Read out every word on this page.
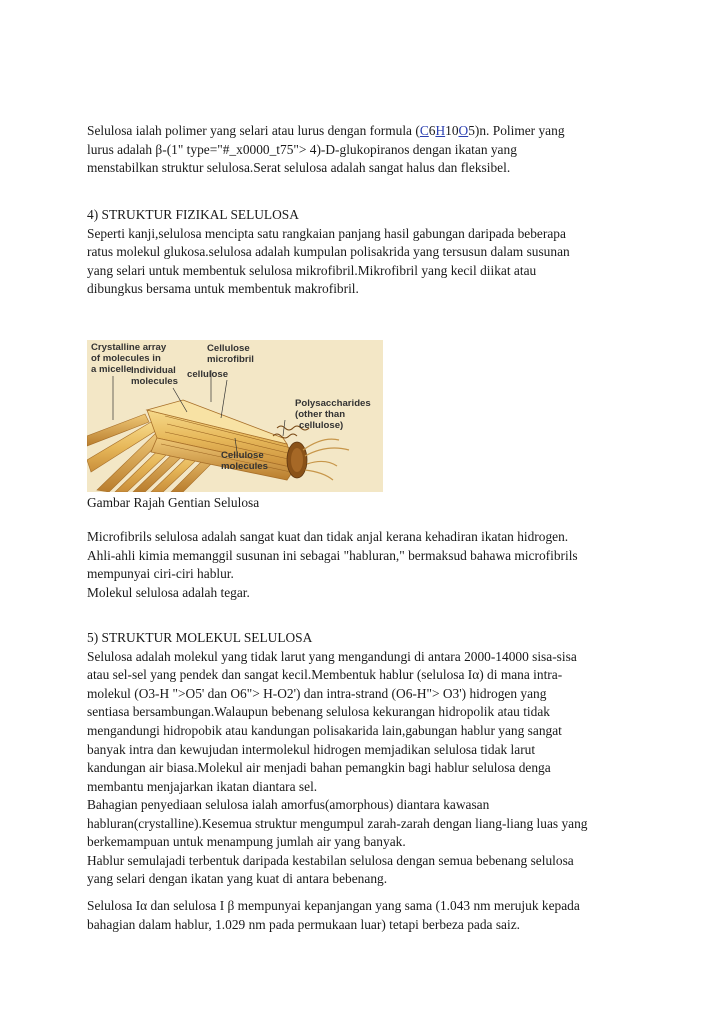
Selulosa ialah polimer yang selari atau lurus dengan formula (C6H10O5)n. Polimer yang
lurus adalah β-(1" type="#_x0000_t75"> 4)-D-glukopiranos dengan ikatan yang
menstabilkan struktur selulosa.Serat selulosa adalah sangat halus dan fleksibel.
4) STRUKTUR FIZIKAL SELULOSA
Seperti kanji,selulosa mencipta satu rangkaian panjang hasil gabungan daripada beberapa
ratus molekul glukosa.selulosa adalah kumpulan polisakrida yang tersusun dalam susunan
yang selari untuk membentuk selulosa mikrofibril.Mikrofibril yang kecil diikat atau
dibungkus bersama untuk membentuk makrofibril.
Crystalline array
of molecules in
a micelle
Cellulose
microfibril
Individual
molecules
cellulose
Polysaccharides
(other than
cellulose)
Cellulose
molecules
Gambar Rajah Gentian Selulosa
Microfibrils selulosa adalah sangat kuat dan tidak anjal kerana kehadiran ikatan hidrogen.
Ahli-ahli kimia memanggil susunan ini sebagai "habluran," bermaksud bahawa microfibrils
mempunyai ciri-ciri hablur.
Molekul selulosa adalah tegar.
5) STRUKTUR MOLEKUL SELULOSA
Selulosa adalah molekul yang tidak larut yang mengandungi di antara 2000-14000 sisa-sisa
atau sel-sel yang pendek dan sangat kecil.Membentuk hablur (selulosa Iα) di mana intra-
molekul (O3-H ">O5' dan O6"> H-O2') dan intra-strand (O6-H"> O3') hidrogen yang
sentiasa bersambungan.Walaupun bebenang selulosa kekurangan hidropolik atau tidak
mengandungi hidropobik atau kandungan polisakarida lain,gabungan hablur yang sangat
banyak intra dan kewujudan intermolekul hidrogen memjadikan selulosa tidak larut
kandungan air biasa.Molekul air menjadi bahan pemangkin bagi hablur selulosa denga
membantu menjajarkan ikatan diantara sel.
Bahagian penyediaan selulosa ialah amorfus(amorphous) diantara kawasan
habluran(crystalline).Kesemua struktur mengumpul zarah-zarah dengan liang-liang luas yang
berkemampuan untuk menampung jumlah air yang banyak.
Hablur semulajadi terbentuk daripada kestabilan selulosa dengan semua bebenang selulosa
yang selari dengan ikatan yang kuat di antara bebenang.
Selulosa Iα dan selulosa I β mempunyai kepanjangan yang sama (1.043 nm merujuk kepada
bahagian dalam hablur, 1.029 nm pada permukaan luar) tetapi berbeza pada saiz.
